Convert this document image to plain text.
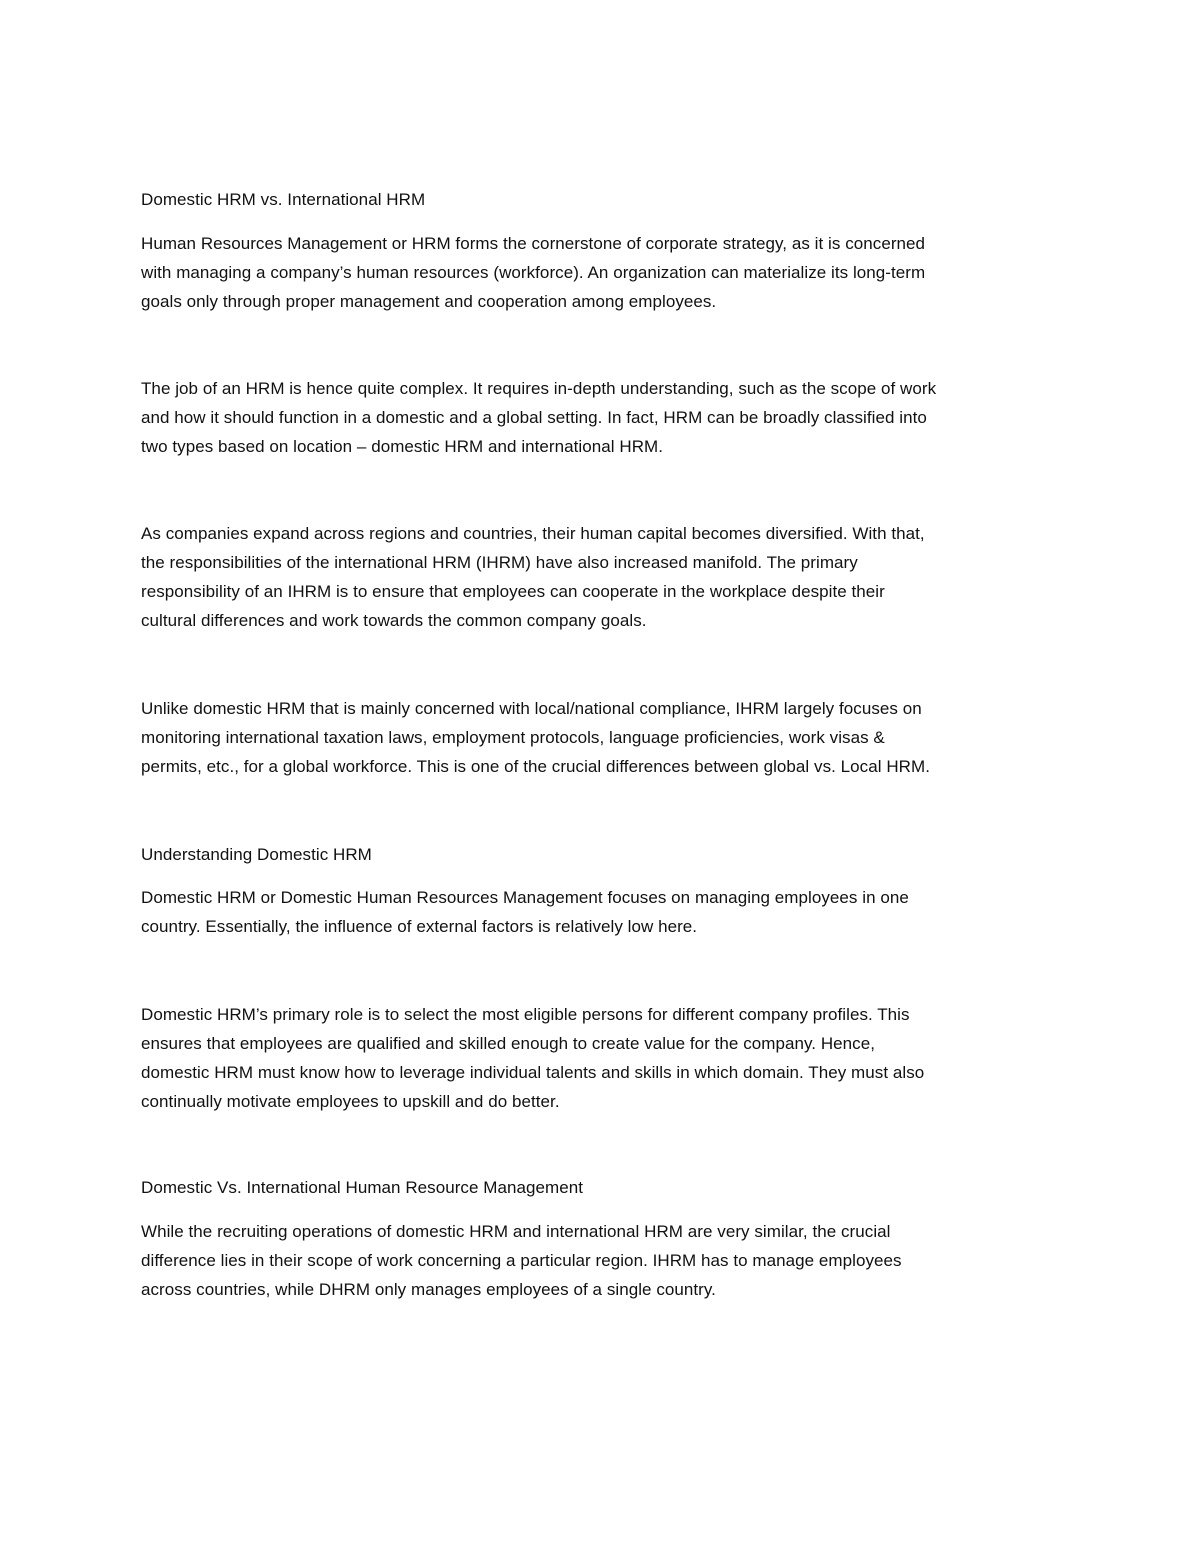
Domestic HRM vs. International HRM
Human Resources Management or HRM forms the cornerstone of corporate strategy, as it is concerned
with managing a company’s human resources (workforce). An organization can materialize its long-term
goals only through proper management and cooperation among employees.
The job of an HRM is hence quite complex. It requires in-depth understanding, such as the scope of work
and how it should function in a domestic and a global setting. In fact, HRM can be broadly classified into
two types based on location – domestic HRM and international HRM.
As companies expand across regions and countries, their human capital becomes diversified. With that,
the responsibilities of the international HRM (IHRM) have also increased manifold. The primary
responsibility of an IHRM is to ensure that employees can cooperate in the workplace despite their
cultural differences and work towards the common company goals.
Unlike domestic HRM that is mainly concerned with local/national compliance, IHRM largely focuses on
monitoring international taxation laws, employment protocols, language proficiencies, work visas &
permits, etc., for a global workforce. This is one of the crucial differences between global vs. Local HRM.
Understanding Domestic HRM
Domestic HRM or Domestic Human Resources Management focuses on managing employees in one
country. Essentially, the influence of external factors is relatively low here.
Domestic HRM’s primary role is to select the most eligible persons for different company profiles. This
ensures that employees are qualified and skilled enough to create value for the company. Hence,
domestic HRM must know how to leverage individual talents and skills in which domain. They must also
continually motivate employees to upskill and do better.
Domestic Vs. International Human Resource Management
While the recruiting operations of domestic HRM and international HRM are very similar, the crucial
difference lies in their scope of work concerning a particular region. IHRM has to manage employees
across countries, while DHRM only manages employees of a single country.
